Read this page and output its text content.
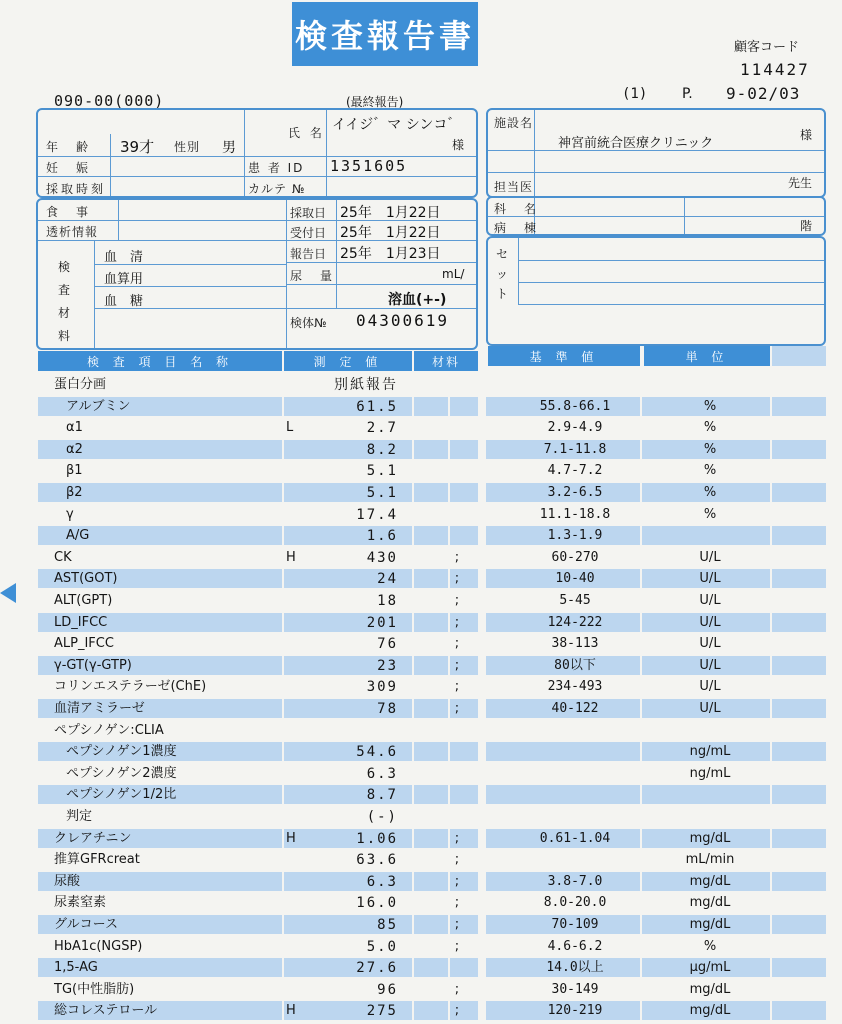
検査報告書	顧客コード
114427
090-00(000)	(最終報告)	(1) P. 9-02/03
年　齢 39才 性別 男
氏 名 イイジ゛マ シンコ゛
様
妊　娠	患 者 ID 1351605
採取時刻	カルテ №
施設名
神宮前統合医療クリニック
様
担当医	先生
科　名
病　棟	階
セ ッ ト
食　事
透析情報
検 査 材 料
血　清
血算用
血　糖
採取日 25年　1月22日
受付日 25年　1月22日
報告日 25年　1月23日
尿　量	mL/
溶血(+-)
検体№ 04300619
検 査 項 目 名 称	測 定 値	材料	基 準 値	単 位
蛋白分画	別紙報告
アルブミン	61.5	55.8-66.1	%
α1	L	2.7	2.9-4.9	%
α2	8.2	7.1-11.8	%
β1	5.1	4.7-7.2	%
β2	5.1	3.2-6.5	%
γ	17.4	11.1-18.8	%
A/G	1.6	1.3-1.9
CK	H	430	;	60-270	U/L
AST(GOT)	24	;	10-40	U/L
ALT(GPT)	18	;	5-45	U/L
LD_IFCC	201	;	124-222	U/L
ALP_IFCC	76	;	38-113	U/L
γ-GT(γ-GTP)	23	;	80以下	U/L
コリンエステラーゼ(ChE)	309	;	234-493	U/L
血清アミラーゼ	78	;	40-122	U/L
ペプシノゲン:CLIA
ペプシノゲン1濃度	54.6	ng/mL
ペプシノゲン2濃度	6.3	ng/mL
ペプシノゲン1/2比	8.7
判定	(-)
クレアチニン	H	1.06	;	0.61-1.04	mg/dL
推算GFRcreat	63.6	;	mL/min
尿酸	6.3	;	3.8-7.0	mg/dL
尿素窒素	16.0	;	8.0-20.0	mg/dL
グルコース	85	;	70-109	mg/dL
HbA1c(NGSP)	5.0	;	4.6-6.2	%
1,5-AG	27.6	14.0以上	μg/mL
TG(中性脂肪)	96	;	30-149	mg/dL
総コレステロール	H	275	;	120-219	mg/dL
